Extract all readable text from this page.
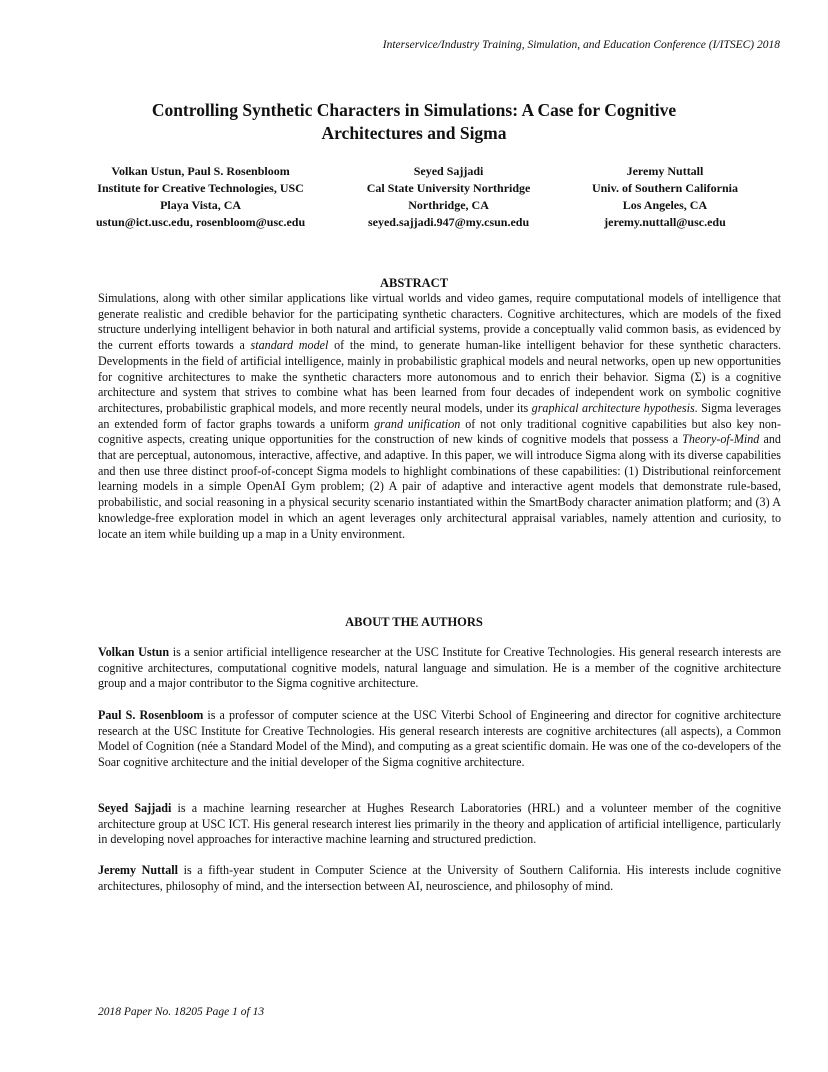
Interservice/Industry Training, Simulation, and Education Conference (I/ITSEC) 2018
Controlling Synthetic Characters in Simulations: A Case for Cognitive
Architectures and Sigma
Volkan Ustun, Paul S. Rosenbloom
Institute for Creative Technologies, USC
Playa Vista, CA
ustun@ict.usc.edu, rosenbloom@usc.edu
Seyed Sajjadi
Cal State University Northridge
Northridge, CA
seyed.sajjadi.947@my.csun.edu
Jeremy Nuttall
Univ. of Southern California
Los Angeles, CA
jeremy.nuttall@usc.edu
ABSTRACT

Simulations, along with other similar applications like virtual worlds and video games, require computational models of intelligence that generate realistic and credible behavior for the participating synthetic characters. Cognitive architectures, which are models of the fixed structure underlying intelligent behavior in both natural and artificial systems, provide a conceptually valid common basis, as evidenced by the current efforts towards a standard model of the mind, to generate human-like intelligent behavior for these synthetic characters. Developments in the field of artificial intelligence, mainly in probabilistic graphical models and neural networks, open up new opportunities for cognitive architectures to make the synthetic characters more autonomous and to enrich their behavior. Sigma (Σ) is a cognitive architecture and system that strives to combine what has been learned from four decades of independent work on symbolic cognitive architectures, probabilistic graphical models, and more recently neural models, under its graphical architecture hypothesis. Sigma leverages an extended form of factor graphs towards a uniform grand unification of not only traditional cognitive capabilities but also key non-cognitive aspects, creating unique opportunities for the construction of new kinds of cognitive models that possess a Theory-of-Mind and that are perceptual, autonomous, interactive, affective, and adaptive. In this paper, we will introduce Sigma along with its diverse capabilities and then use three distinct proof-of-concept Sigma models to highlight combinations of these capabilities: (1) Distributional reinforcement learning models in a simple OpenAI Gym problem; (2) A pair of adaptive and interactive agent models that demonstrate rule-based, probabilistic, and social reasoning in a physical security scenario instantiated within the SmartBody character animation platform; and (3) A knowledge-free exploration model in which an agent leverages only architectural appraisal variables, namely attention and curiosity, to locate an item while building up a map in a Unity environment.

ABOUT THE AUTHORS

Volkan Ustun is a senior artificial intelligence researcher at the USC Institute for Creative Technologies. His general research interests are cognitive architectures, computational cognitive models, natural language and simulation. He is a member of the cognitive architecture group and a major contributor to the Sigma cognitive architecture.

Paul S. Rosenbloom is a professor of computer science at the USC Viterbi School of Engineering and director for cognitive architecture research at the USC Institute for Creative Technologies. His general research interests are cognitive architectures (all aspects), a Common Model of Cognition (née a Standard Model of the Mind), and computing as a great scientific domain. He was one of the co-developers of the Soar cognitive architecture and the initial developer of the Sigma cognitive architecture.

Seyed Sajjadi is a machine learning researcher at Hughes Research Laboratories (HRL) and a volunteer member of the cognitive architecture group at USC ICT. His general research interest lies primarily in the theory and application of artificial intelligence, particularly in developing novel approaches for interactive machine learning and structured prediction.

Jeremy Nuttall is a fifth-year student in Computer Science at the University of Southern California. His interests include cognitive architectures, philosophy of mind, and the intersection between AI, neuroscience, and philosophy of mind.

2018 Paper No. 18205 Page 1 of 13
